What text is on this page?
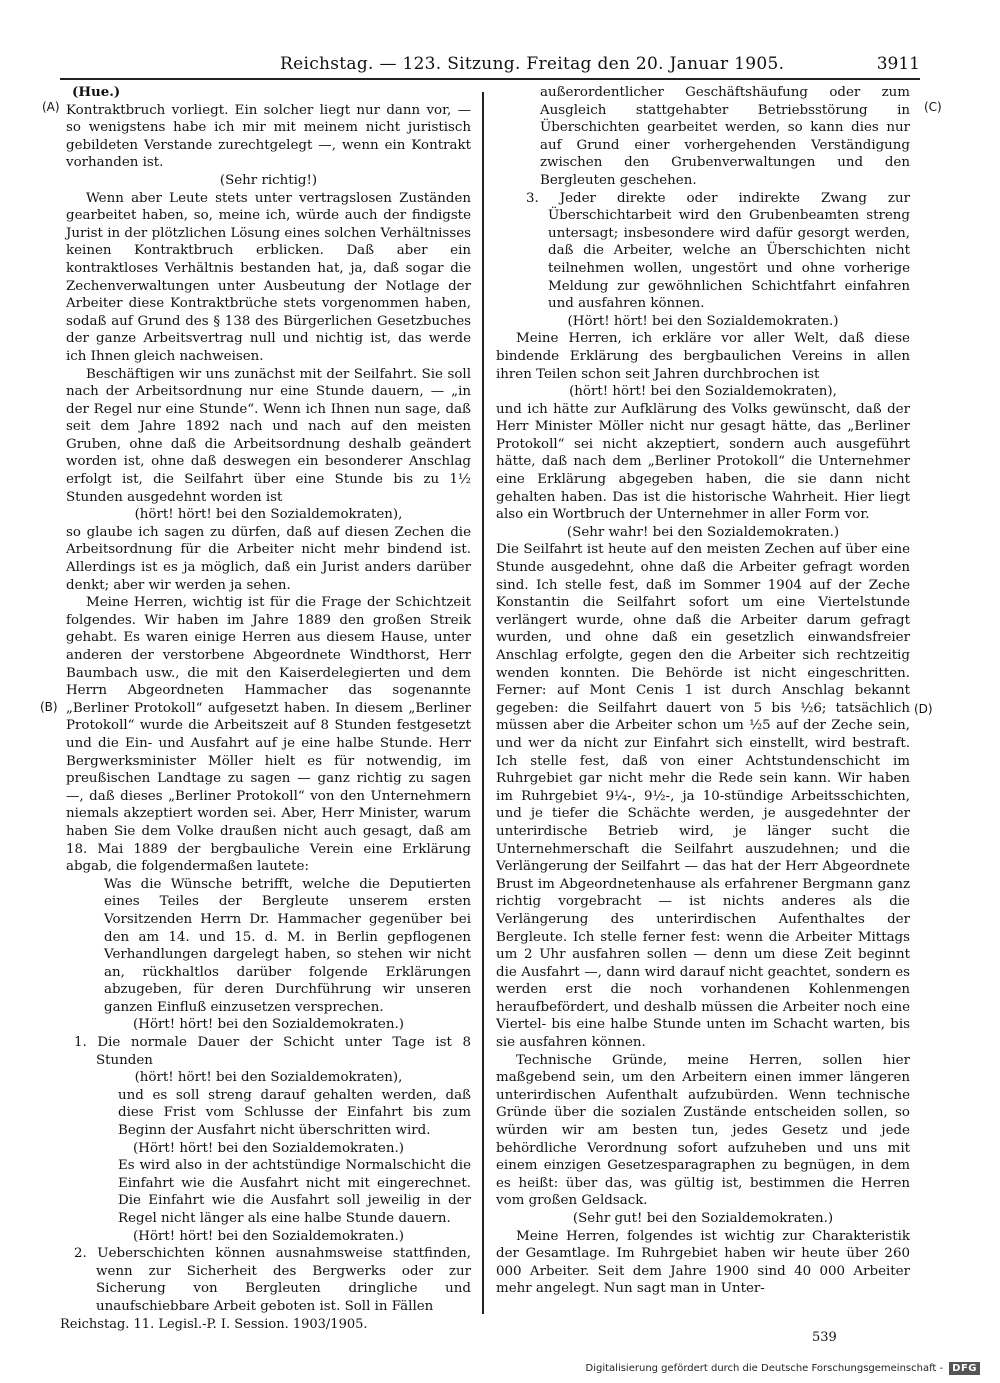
Reichstag. — 123. Sitzung. Freitag den 20. Januar 1905.	3911
(A)
(B)
(C)
(D)

(Hue.)

Kontraktbruch vorliegt. Ein solcher liegt nur dann vor, — so wenigstens habe ich mir mit meinem nicht juristisch gebildeten Verstande zurechtgelegt —, wenn ein Kontrakt vorhanden ist.

(Sehr richtig!)

Wenn aber Leute stets unter vertragslosen Zuständen gearbeitet haben, so, meine ich, würde auch der findigste Jurist in der plötzlichen Lösung eines solchen Verhältnisses keinen Kontraktbruch erblicken. Daß aber ein kontraktloses Verhältnis bestanden hat, ja, daß sogar die Zechenverwaltungen unter Ausbeutung der Notlage der Arbeiter diese Kontraktbrüche stets vorgenommen haben, sodaß auf Grund des § 138 des Bürgerlichen Gesetzbuches der ganze Arbeitsvertrag null und nichtig ist, das werde ich Ihnen gleich nachweisen.

Beschäftigen wir uns zunächst mit der Seilfahrt. Sie soll nach der Arbeitsordnung nur eine Stunde dauern, — „in der Regel nur eine Stunde“. Wenn ich Ihnen nun sage, daß seit dem Jahre 1892 nach und nach auf den meisten Gruben, ohne daß die Arbeitsordnung deshalb geändert worden ist, ohne daß deswegen ein besonderer Anschlag erfolgt ist, die Seilfahrt über eine Stunde bis zu 1½ Stunden ausgedehnt worden ist

(hört! hört! bei den Sozialdemokraten),

so glaube ich sagen zu dürfen, daß auf diesen Zechen die Arbeitsordnung für die Arbeiter nicht mehr bindend ist. Allerdings ist es ja möglich, daß ein Jurist anders darüber denkt; aber wir werden ja sehen.

Meine Herren, wichtig ist für die Frage der Schichtzeit folgendes. Wir haben im Jahre 1889 den großen Streik gehabt. Es waren einige Herren aus diesem Hause, unter anderen der verstorbene Abgeordnete Windthorst, Herr Baumbach usw., die mit den Kaiserdelegierten und dem Herrn Abgeordneten Hammacher das sogenannte „Berliner Protokoll“ aufgesetzt haben. In diesem „Berliner Protokoll“ wurde die Arbeitszeit auf 8 Stunden festgesetzt und die Ein- und Ausfahrt auf je eine halbe Stunde. Herr Bergwerksminister Möller hielt es für notwendig, im preußischen Landtage zu sagen — ganz richtig zu sagen —, daß dieses „Berliner Protokoll“ von den Unternehmern niemals akzeptiert worden sei. Aber, Herr Minister, warum haben Sie dem Volke draußen nicht auch gesagt, daß am 18. Mai 1889 der bergbauliche Verein eine Erklärung abgab, die folgendermaßen lautete:

Was die Wünsche betrifft, welche die Deputierten eines Teiles der Bergleute unserem ersten Vorsitzenden Herrn Dr. Hammacher gegenüber bei den am 14. und 15. d. M. in Berlin gepflogenen Verhandlungen dargelegt haben, so stehen wir nicht an, rückhaltlos darüber folgende Erklärungen abzugeben, für deren Durchführung wir unseren ganzen Einfluß einzusetzen versprechen.

(Hört! hört! bei den Sozialdemokraten.)

1. Die normale Dauer der Schicht unter Tage ist 8 Stunden

(hört! hört! bei den Sozialdemokraten),

und es soll streng darauf gehalten werden, daß diese Frist vom Schlusse der Einfahrt bis zum Beginn der Ausfahrt nicht überschritten wird.

(Hört! hört! bei den Sozialdemokraten.)

Es wird also in der achtstündige Normalschicht die Einfahrt wie die Ausfahrt nicht mit eingerechnet. Die Einfahrt wie die Ausfahrt soll jeweilig in der Regel nicht länger als eine halbe Stunde dauern.

(Hört! hört! bei den Sozialdemokraten.)

2. Ueberschichten können ausnahmsweise stattfinden, wenn zur Sicherheit des Bergwerks oder zur Sicherung von Bergleuten dringliche und unaufschiebbare Arbeit geboten ist. Soll in Fällen

außerordentlicher Geschäftshäufung oder zum Ausgleich stattgehabter Betriebsstörung in Überschichten gearbeitet werden, so kann dies nur auf Grund einer vorhergehenden Verständigung zwischen den Grubenverwaltungen und den Bergleuten geschehen.

3. Jeder direkte oder indirekte Zwang zur Überschichtarbeit wird den Grubenbeamten streng untersagt; insbesondere wird dafür gesorgt werden, daß die Arbeiter, welche an Überschichten nicht teilnehmen wollen, ungestört und ohne vorherige Meldung zur gewöhnlichen Schichtfahrt einfahren und ausfahren können.

(Hört! hört! bei den Sozialdemokraten.)

Meine Herren, ich erkläre vor aller Welt, daß diese bindende Erklärung des bergbaulichen Vereins in allen ihren Teilen schon seit Jahren durchbrochen ist

(hört! hört! bei den Sozialdemokraten),

und ich hätte zur Aufklärung des Volks gewünscht, daß der Herr Minister Möller nicht nur gesagt hätte, das „Berliner Protokoll“ sei nicht akzeptiert, sondern auch ausgeführt hätte, daß nach dem „Berliner Protokoll“ die Unternehmer eine Erklärung abgegeben haben, die sie dann nicht gehalten haben. Das ist die historische Wahrheit. Hier liegt also ein Wortbruch der Unternehmer in aller Form vor.

(Sehr wahr! bei den Sozialdemokraten.)

Die Seilfahrt ist heute auf den meisten Zechen auf über eine Stunde ausgedehnt, ohne daß die Arbeiter gefragt worden sind. Ich stelle fest, daß im Sommer 1904 auf der Zeche Konstantin die Seilfahrt sofort um eine Viertelstunde verlängert wurde, ohne daß die Arbeiter darum gefragt wurden, und ohne daß ein gesetzlich einwandsfreier Anschlag erfolgte, gegen den die Arbeiter sich rechtzeitig wenden konnten. Die Behörde ist nicht eingeschritten. Ferner: auf Mont Cenis 1 ist durch Anschlag bekannt gegeben: die Seilfahrt dauert von 5 bis ½6; tatsächlich müssen aber die Arbeiter schon um ½5 auf der Zeche sein, und wer da nicht zur Einfahrt sich einstellt, wird bestraft. Ich stelle fest, daß von einer Achtstundenschicht im Ruhrgebiet gar nicht mehr die Rede sein kann. Wir haben im Ruhrgebiet 9¼-, 9½-, ja 10-stündige Arbeitsschichten, und je tiefer die Schächte werden, je ausgedehnter der unterirdische Betrieb wird, je länger sucht die Unternehmerschaft die Seilfahrt auszudehnen; und die Verlängerung der Seilfahrt — das hat der Herr Abgeordnete Brust im Abgeordnetenhause als erfahrener Bergmann ganz richtig vorgebracht — ist nichts anderes als die Verlängerung des unterirdischen Aufenthaltes der Bergleute. Ich stelle ferner fest: wenn die Arbeiter Mittags um 2 Uhr ausfahren sollen — denn um diese Zeit beginnt die Ausfahrt —, dann wird darauf nicht geachtet, sondern es werden erst die noch vorhandenen Kohlenmengen heraufbefördert, und deshalb müssen die Arbeiter noch eine Viertel- bis eine halbe Stunde unten im Schacht warten, bis sie ausfahren können.

Technische Gründe, meine Herren, sollen hier maßgebend sein, um den Arbeitern einen immer längeren unterirdischen Aufenthalt aufzubürden. Wenn technische Gründe über die sozialen Zustände entscheiden sollen, so würden wir am besten tun, jedes Gesetz und jede behördliche Verordnung sofort aufzuheben und uns mit einem einzigen Gesetzesparagraphen zu begnügen, in dem es heißt: über das, was gültig ist, bestimmen die Herren vom großen Geldsack.

(Sehr gut! bei den Sozialdemokraten.)

Meine Herren, folgendes ist wichtig zur Charakteristik der Gesamtlage. Im Ruhrgebiet haben wir heute über 260 000 Arbeiter. Seit dem Jahre 1900 sind 40 000 Arbeiter mehr angelegt. Nun sagt man in Unter-

Reichstag. 11. Legisl.-P. I. Session. 1903/1905.
539
Digitalisierung gefördert durch die Deutsche Forschungsgemeinschaft - DFG
